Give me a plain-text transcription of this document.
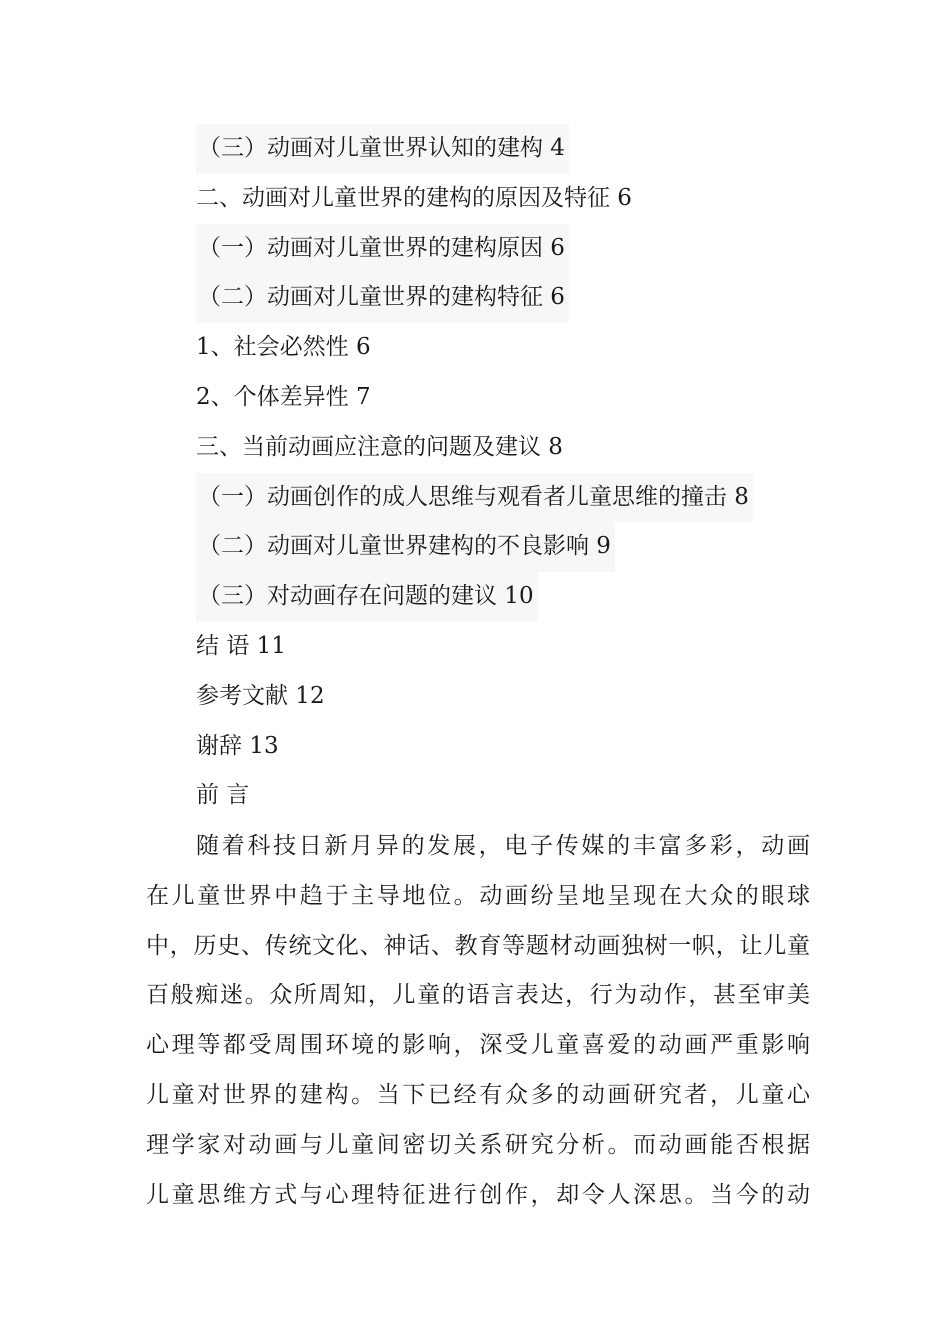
（三）动画对儿童世界认知的建构 4
二、动画对儿童世界的建构的原因及特征 6
（一）动画对儿童世界的建构原因 6
（二）动画对儿童世界的建构特征 6
1、社会必然性 6
2、个体差异性 7
三、当前动画应注意的问题及建议 8
（一）动画创作的成人思维与观看者儿童思维的撞击 8
（二）动画对儿童世界建构的不良影响 9
（三）对动画存在问题的建议 10
结 语 11
参考文献 12
谢辞 13
前 言
随着科技日新月异的发展，电子传媒的丰富多彩，动画
在儿童世界中趋于主导地位。动画纷呈地呈现在大众的眼球
中，历史、传统文化、神话、教育等题材动画独树一帜，让儿童
百般痴迷。众所周知，儿童的语言表达，行为动作，甚至审美
心理等都受周围环境的影响，深受儿童喜爱的动画严重影响
儿童对世界的建构。当下已经有众多的动画研究者，儿童心
理学家对动画与儿童间密切关系研究分析。而动画能否根据
儿童思维方式与心理特征进行创作，却令人深思。当今的动
